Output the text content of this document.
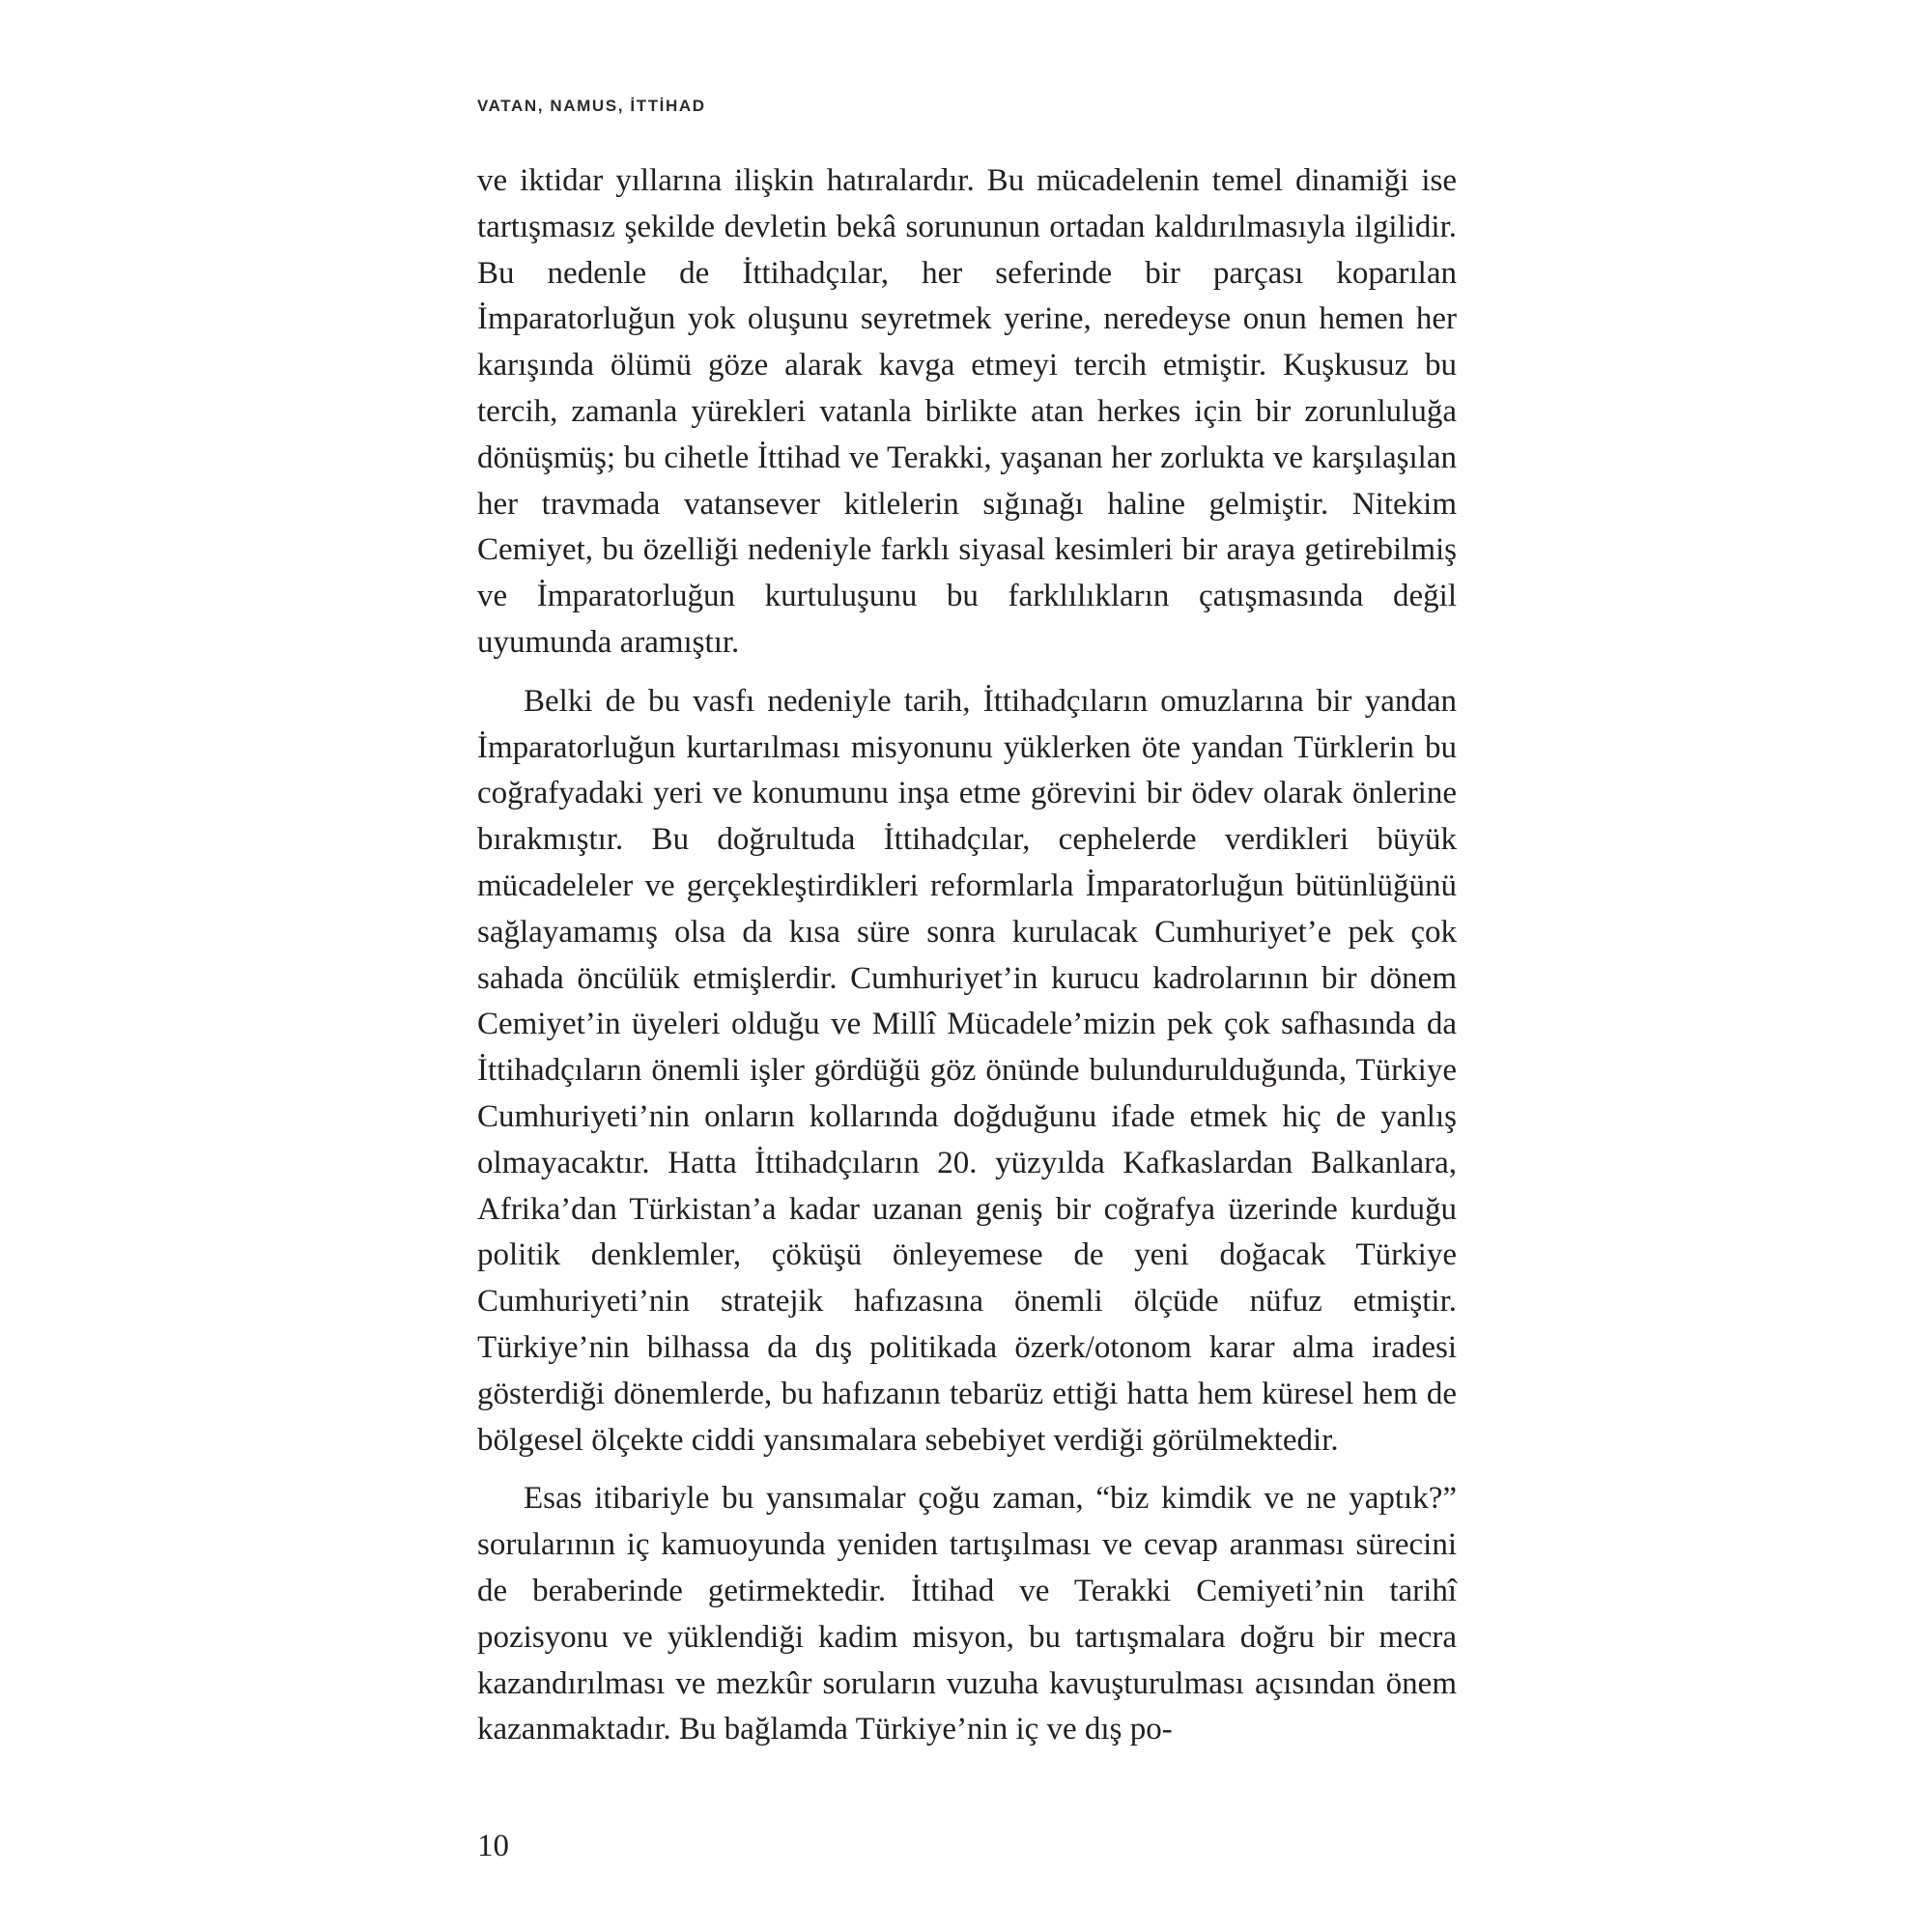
VATAN, NAMUS, İTTİHAD

ve iktidar yıllarına ilişkin hatıralardır. Bu mücadelenin temel dinamiği ise tartışmasız şekilde devletin bekâ sorununun ortadan kaldırılmasıyla ilgilidir. Bu nedenle de İttihadçılar, her seferinde bir parçası koparılan İmparatorluğun yok oluşunu seyretmek yerine, neredeyse onun hemen her karışında ölümü göze alarak kavga etmeyi tercih etmiştir. Kuşkusuz bu tercih, zamanla yürekleri vatanla birlikte atan herkes için bir zorunluluğa dönüşmüş; bu cihetle İttihad ve Terakki, yaşanan her zorlukta ve karşılaşılan her travmada vatansever kitlelerin sığınağı haline gelmiştir. Nitekim Cemiyet, bu özelliği nedeniyle farklı siyasal kesimleri bir araya getirebilmiş ve İmparatorluğun kurtuluşunu bu farklılıkların çatışmasında değil uyumunda aramıştır.

Belki de bu vasfı nedeniyle tarih, İttihadçıların omuzlarına bir yandan İmparatorluğun kurtarılması misyonunu yüklerken öte yandan Türklerin bu coğrafyadaki yeri ve konumunu inşa etme görevini bir ödev olarak önlerine bırakmıştır. Bu doğrultuda İttihadçılar, cephelerde verdikleri büyük mücadeleler ve gerçekleştirdikleri reformlarla İmparatorluğun bütünlüğünü sağlayamamış olsa da kısa süre sonra kurulacak Cumhuriyet’e pek çok sahada öncülük etmişlerdir. Cumhuriyet’in kurucu kadrolarının bir dönem Cemiyet’in üyeleri olduğu ve Millî Mücadele’mizin pek çok safhasında da İttihadçıların önemli işler gördüğü göz önünde bulundurulduğunda, Türkiye Cumhuriyeti’nin onların kollarında doğduğunu ifade etmek hiç de yanlış olmayacaktır. Hatta İttihadçıların 20. yüzyılda Kafkaslardan Balkanlara, Afrika’dan Türkistan’a kadar uzanan geniş bir coğrafya üzerinde kurduğu politik denklemler, çöküşü önleyemese de yeni doğacak Türkiye Cumhuriyeti’nin stratejik hafızasına önemli ölçüde nüfuz etmiştir. Türkiye’nin bilhassa da dış politikada özerk/otonom karar alma iradesi gösterdiği dönemlerde, bu hafızanın tebarüz ettiği hatta hem küresel hem de bölgesel ölçekte ciddi yansımalara sebebiyet verdiği görülmektedir.

Esas itibariyle bu yansımalar çoğu zaman, “biz kimdik ve ne yaptık?” sorularının iç kamuoyunda yeniden tartışılması ve cevap aranması sürecini de beraberinde getirmektedir. İttihad ve Terakki Cemiyeti’nin tarihî pozisyonu ve yüklendiği kadim misyon, bu tartışmalara doğru bir mecra kazandırılması ve mezkûr soruların vuzuha kavuşturulması açısından önem kazanmaktadır. Bu bağlamda Türkiye’nin iç ve dış po-

10
